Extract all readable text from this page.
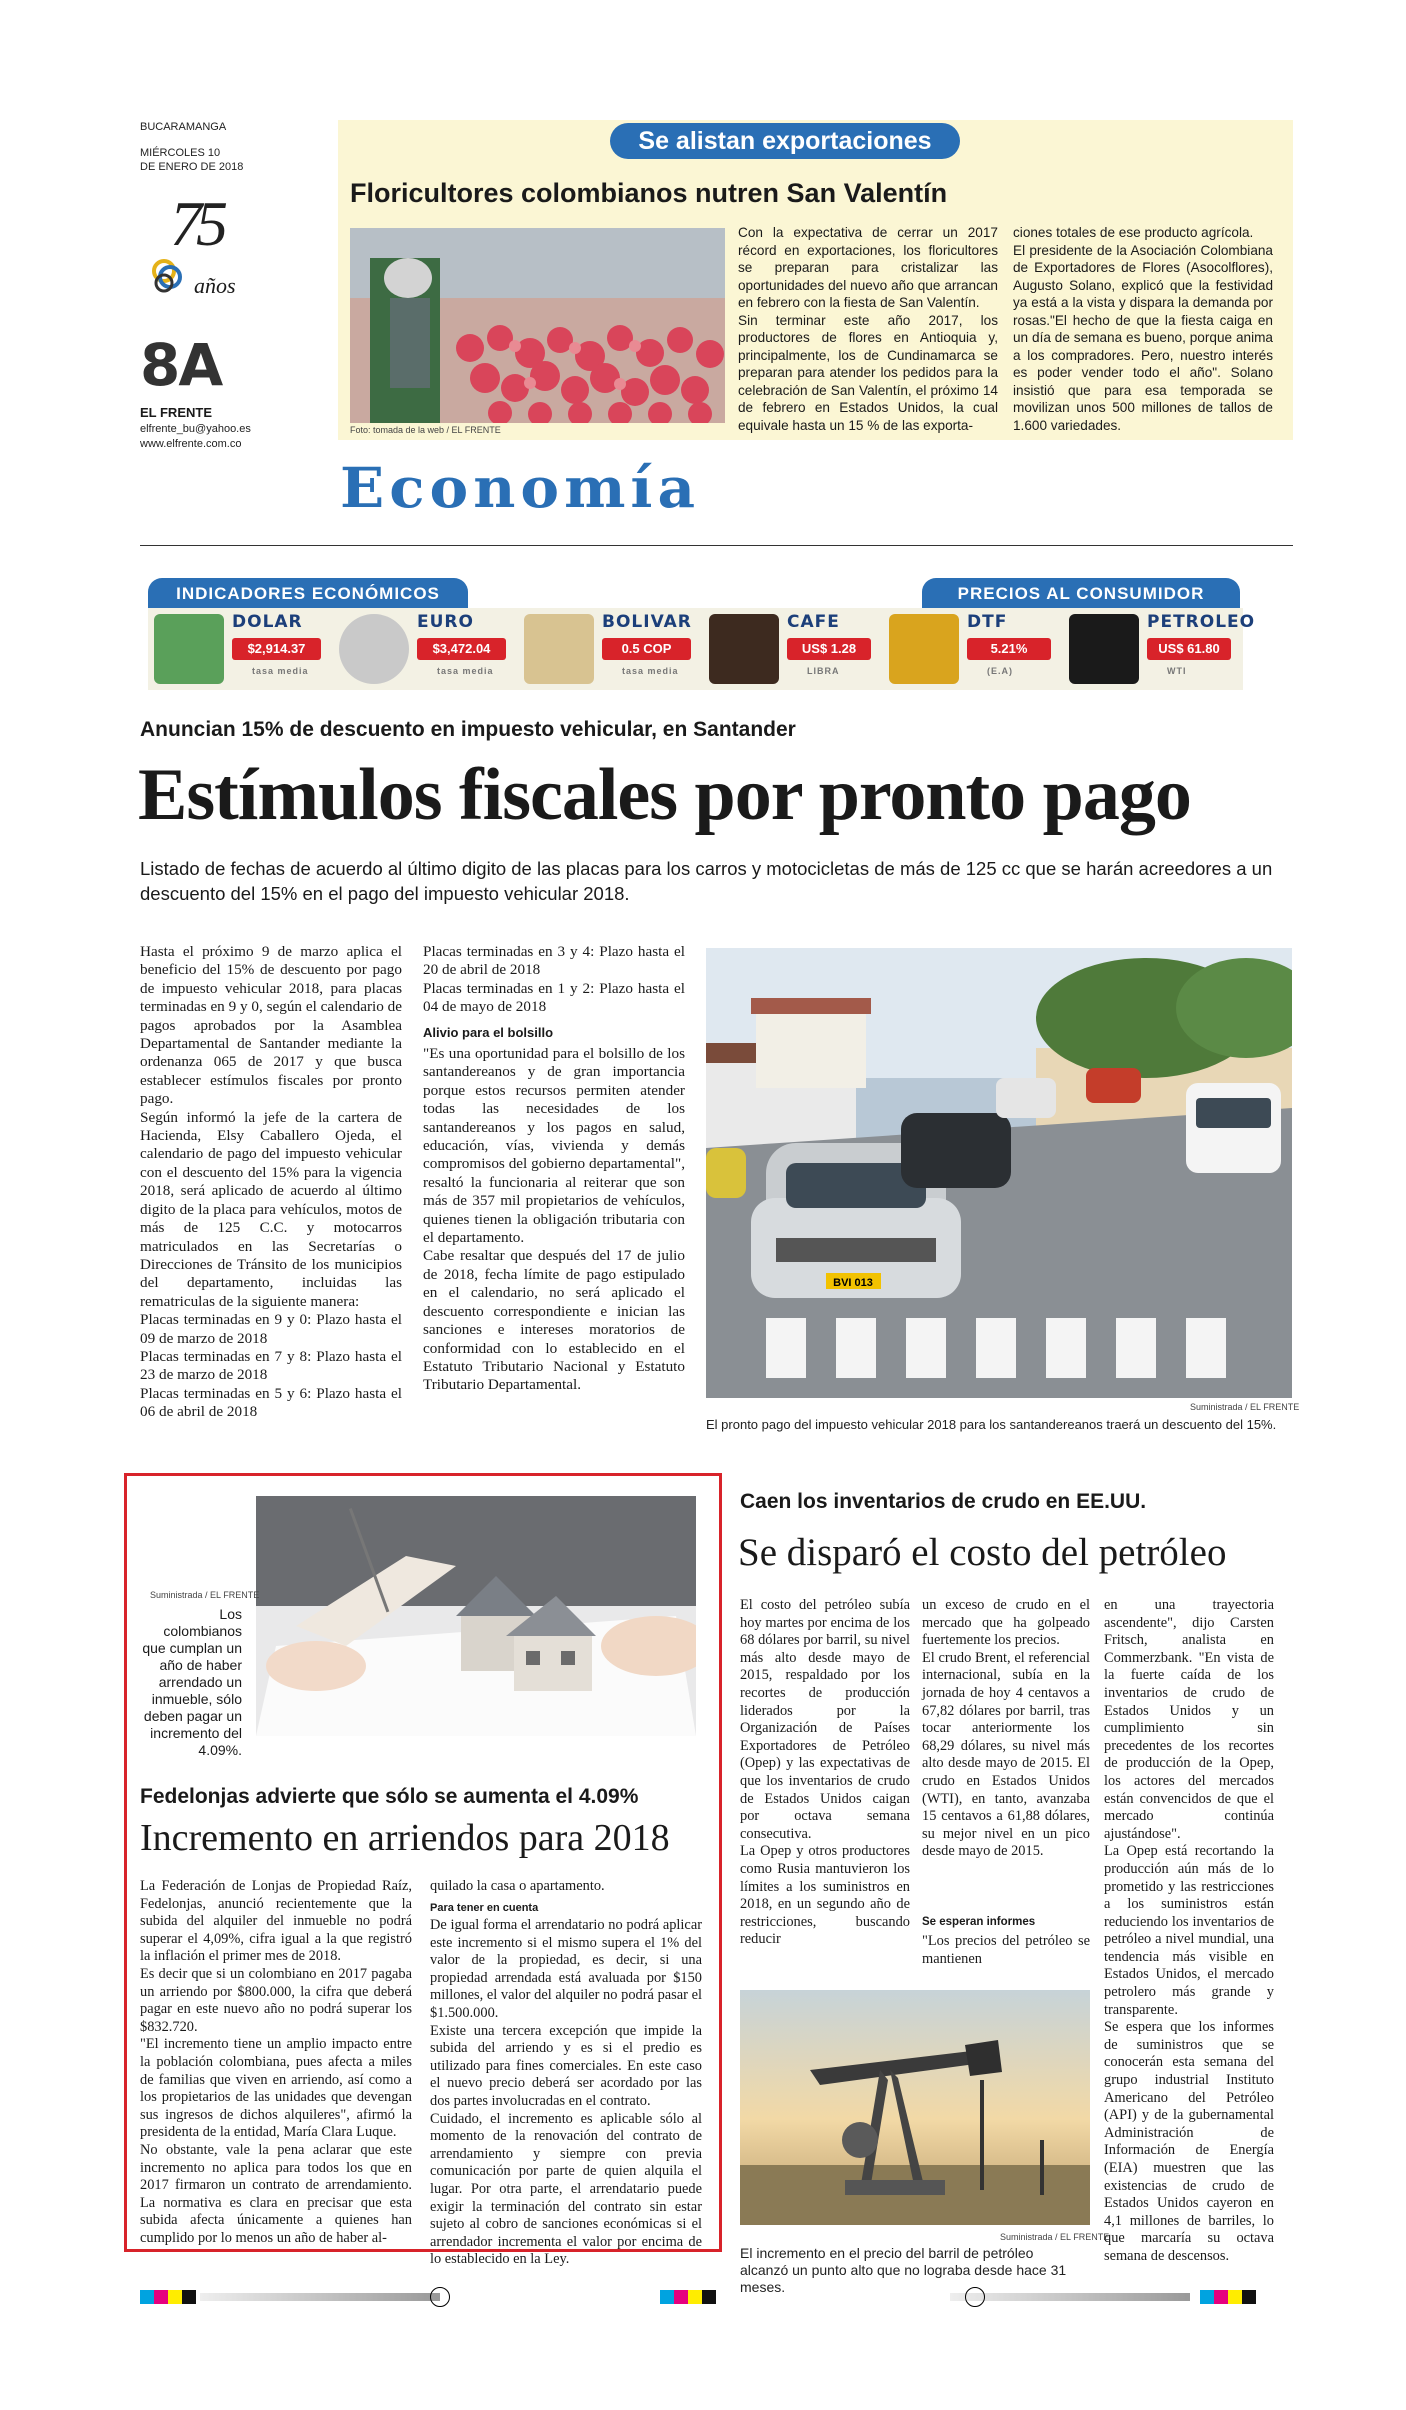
BUCARAMANGA
MIÉRCOLES 10
DE ENERO DE 2018
75
años
8A
EL FRENTE
elfrente_bu@yahoo.es
www.elfrente.com.co
Se alistan exportaciones
Floricultores colombianos nutren San Valentín
Foto: tomada de la web / EL FRENTE
Con la expectativa de cerrar un 2017 récord en exportaciones, los floricultores se preparan para cristalizar las oportunidades del nuevo año que arrancan en febrero con la fiesta de San Valentín.
Sin terminar este año 2017, los productores de flores en Antioquia y, principalmente, los de Cundinamarca se preparan para atender los pedidos para la celebración de San Valentín, el próximo 14 de febrero en Estados Unidos, la cual equivale hasta un 15 % de las exporta-
ciones totales de ese producto agrícola.
El presidente de la Asociación Colombiana de Exportadores de Flores (Asocolflores), Augusto Solano, explicó que la festividad ya está a la vista y dispara la demanda por rosas."El hecho de que la fiesta caiga en un día de semana es bueno, porque anima a los compradores. Pero, nuestro interés es poder vender todo el año". Solano insistió que para esa temporada se movilizan unos 500 millones de tallos de 1.600 variedades.
Economía
INDICADORES ECONÓMICOS	PRECIOS AL CONSUMIDOR
DOLAR
$2,914.37
tasa media
EURO
$3,472.04
tasa media
BOLIVAR
0.5 COP
tasa media
CAFE
US$ 1.28
LIBRA
DTF
5.21%
(E.A)
PETROLEO
US$ 61.80
WTI
Anuncian 15% de descuento en impuesto vehicular, en Santander
Estímulos fiscales por pronto pago
Listado de fechas de acuerdo al último digito de las placas para los carros y motocicletas de más de 125 cc que se harán acreedores a un descuento del 15% en el pago del impuesto vehicular 2018.
Hasta el próximo 9 de marzo aplica el beneficio del 15% de descuento por pago de impuesto vehicular 2018, para placas terminadas en 9 y 0, según el calendario de pagos aprobados por la Asamblea Departamental de Santander mediante la ordenanza 065 de 2017 y que busca establecer estímulos fiscales por pronto pago.
Según informó la jefe de la cartera de Hacienda, Elsy Caballero Ojeda, el calendario de pago del impuesto vehicular con el descuento del 15% para la vigencia 2018, será aplicado de acuerdo al último digito de la placa para vehículos, motos de más de 125 C.C. y motocarros matriculados en las Secretarías o Direcciones de Tránsito de los municipios del departamento, incluidas las rematriculas de la siguiente manera:
Placas terminadas en 9 y 0: Plazo hasta el 09 de marzo de 2018
Placas terminadas en 7 y 8: Plazo hasta el 23 de marzo de 2018
Placas terminadas en 5 y 6: Plazo hasta el 06 de abril de 2018
Placas terminadas en 3 y 4: Plazo hasta el 20 de abril de 2018
Placas terminadas en 1 y 2: Plazo hasta el 04 de mayo de 2018
Alivio para el bolsillo
"Es una oportunidad para el bolsillo de los santandereanos y de gran importancia porque estos recursos permiten atender todas las necesidades de los santandereanos y los pagos en salud, educación, vías, vivienda y demás compromisos del gobierno departamental", resaltó la funcionaria al reiterar que son más de 357 mil propietarios de vehículos, quienes tienen la obligación tributaria con el departamento.
Cabe resaltar que después del 17 de julio de 2018, fecha límite de pago estipulado en el calendario, no será aplicado el descuento correspondiente e inician las sanciones e intereses moratorios de conformidad con lo establecido en el Estatuto Tributario Nacional y Estatuto Tributario Departamental.
BVI 013
Suministrada / EL FRENTE
El pronto pago del impuesto vehicular 2018 para los santandereanos traerá un descuento del 15%.
Suministrada / EL FRENTE
Los colombianos que cumplan un año de haber arrendado un inmueble, sólo deben pagar un incremento del 4.09%.
Fedelonjas advierte que sólo se aumenta el 4.09%
Incremento en arriendos para 2018
La Federación de Lonjas de Propiedad Raíz, Fedelonjas, anunció recientemente que la subida del alquiler del inmueble no podrá superar el 4,09%, cifra igual a la que registró la inflación el primer mes de 2018.
Es decir que si un colombiano en 2017 pagaba un arriendo por $800.000, la cifra que deberá pagar en este nuevo año no podrá superar los $832.720.
"El incremento tiene un amplio impacto entre la población colombiana, pues afecta a miles de familias que viven en arriendo, así como a los propietarios de las unidades que devengan sus ingresos de dichos alquileres", afirmó la presidenta de la entidad, María Clara Luque.
No obstante, vale la pena aclarar que este incremento no aplica para todos los que en 2017 firmaron un contrato de arrendamiento. La normativa es clara en precisar que esta subida afecta únicamente a quienes han cumplido por lo menos un año de haber al-
quilado la casa o apartamento.
Para tener en cuenta
De igual forma el arrendatario no podrá aplicar este incremento si el mismo supera el 1% del valor de la propiedad, es decir, si una propiedad arrendada está avaluada por $150 millones, el valor del alquiler no podrá pasar el $1.500.000.
Existe una tercera excepción que impide la subida del arriendo y es si el predio es utilizado para fines comerciales. En este caso el nuevo precio deberá ser acordado por las dos partes involucradas en el contrato.
Cuidado, el incremento es aplicable sólo al momento de la renovación del contrato de arrendamiento y siempre con previa comunicación por parte de quien alquila el lugar. Por otra parte, el arrendatario puede exigir la terminación del contrato sin estar sujeto al cobro de sanciones económicas si el arrendador incrementa el valor por encima de lo establecido en la Ley.
Caen los inventarios de crudo en EE.UU.
Se disparó el costo del petróleo
El costo del petróleo subía hoy martes por encima de los 68 dólares por barril, su nivel más alto desde mayo de 2015, respaldado por los recortes de producción liderados por la Organización de Países Exportadores de Petróleo (Opep) y las expectativas de que los inventarios de crudo de Estados Unidos caigan por octava semana consecutiva.
La Opep y otros productores como Rusia mantuvieron los límites a los suministros en 2018, en un segundo año de restricciones, buscando reducir
un exceso de crudo en el mercado que ha golpeado fuertemente los precios.
El crudo Brent, el referencial internacional, subía en la jornada de hoy 4 centavos a 67,82 dólares por barril, tras tocar anteriormente los 68,29 dólares, su nivel más alto desde mayo de 2015. El crudo en Estados Unidos (WTI), en tanto, avanzaba 15 centavos a 61,88 dólares, su mejor nivel en un pico desde mayo de 2015.
Se esperan informes
"Los precios del petróleo se mantienen
en una trayectoria ascendente", dijo Carsten Fritsch, analista en Commerzbank. "En vista de la fuerte caída de los inventarios de crudo de Estados Unidos y un cumplimiento sin precedentes de los recortes de producción de la Opep, los actores del mercados están convencidos de que el mercado continúa ajustándose".
La Opep está recortando la producción aún más de lo prometido y las restricciones a los suministros están reduciendo los inventarios de petróleo a nivel mundial, una tendencia más visible en Estados Unidos, el mercado petrolero más grande y transparente.
Se espera que los informes de suministros que se conocerán esta semana del grupo industrial Instituto Americano del Petróleo (API) y de la gubernamental Administración de Información de Energía (EIA) muestren que las existencias de crudo de Estados Unidos cayeron en 4,1 millones de barriles, lo que marcaría su octava semana de descensos.
Suministrada / EL FRENTE
El incremento en el precio del barril de petróleo alcanzó un punto alto que no lograba desde hace 31 meses.
